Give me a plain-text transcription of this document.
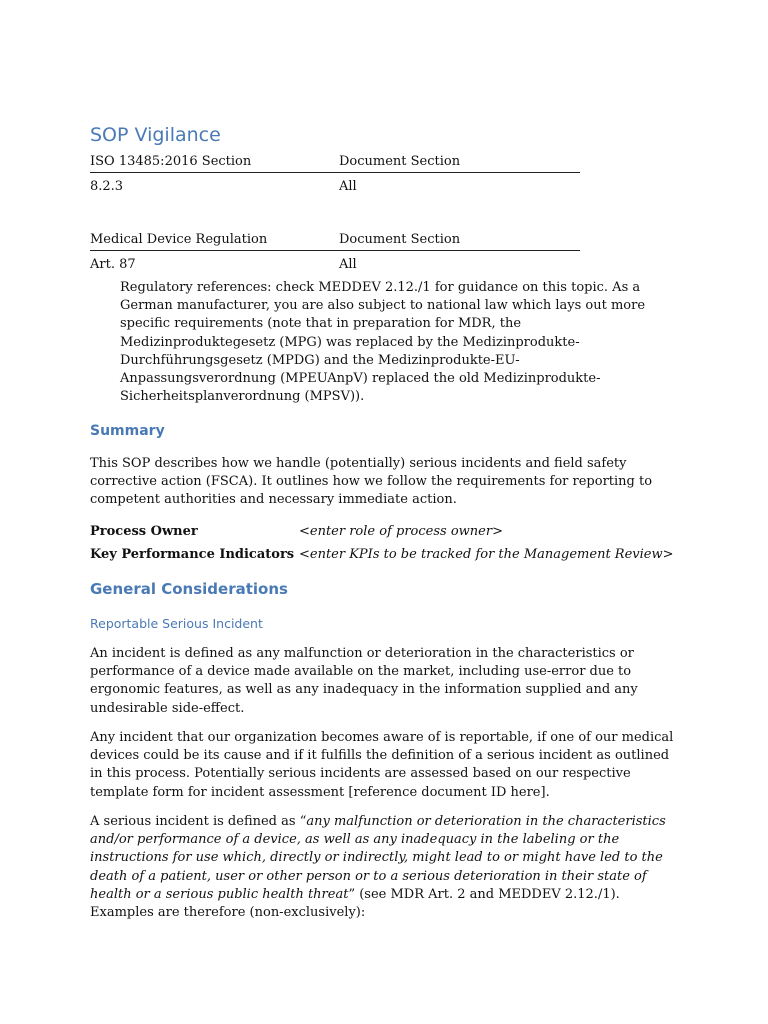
SOP Vigilance
ISO 13485:2016 Section	Document Section
8.2.3	All
Medical Device Regulation	Document Section
Art. 87	All
Regulatory references: check MEDDEV 2.12./1 for guidance on this topic. As a German manufacturer, you are also subject to national law which lays out more specific requirements (note that in preparation for MDR, the Medizinproduktegesetz (MPG) was replaced by the Medizinprodukte-Durchführungsgesetz (MPDG) and the Medizinprodukte-EU-Anpassungsverordnung (MPEUAnpV) replaced the old Medizinprodukte-Sicherheitsplanverordnung (MPSV)).
Summary
This SOP describes how we handle (potentially) serious incidents and field safety corrective action (FSCA). It outlines how we follow the requirements for reporting to competent authorities and necessary immediate action.
Process Owner	<enter role of process owner>
Key Performance Indicators <enter KPIs to be tracked for the Management Review>
General Considerations
Reportable Serious Incident
An incident is defined as any malfunction or deterioration in the characteristics or performance of a device made available on the market, including use-error due to ergonomic features, as well as any inadequacy in the information supplied and any undesirable side-effect.
Any incident that our organization becomes aware of is reportable, if one of our medical devices could be its cause and if it fulfills the definition of a serious incident as outlined in this process. Potentially serious incidents are assessed based on our respective template form for incident assessment [reference document ID here].
A serious incident is defined as “any malfunction or deterioration in the characteristics and/or performance of a device, as well as any inadequacy in the labeling or the instructions for use which, directly or indirectly, might lead to or might have led to the death of a patient, user or other person or to a serious deterioration in their state of health or a serious public health threat” (see MDR Art. 2 and MEDDEV 2.12./1). Examples are therefore (non-exclusively):
